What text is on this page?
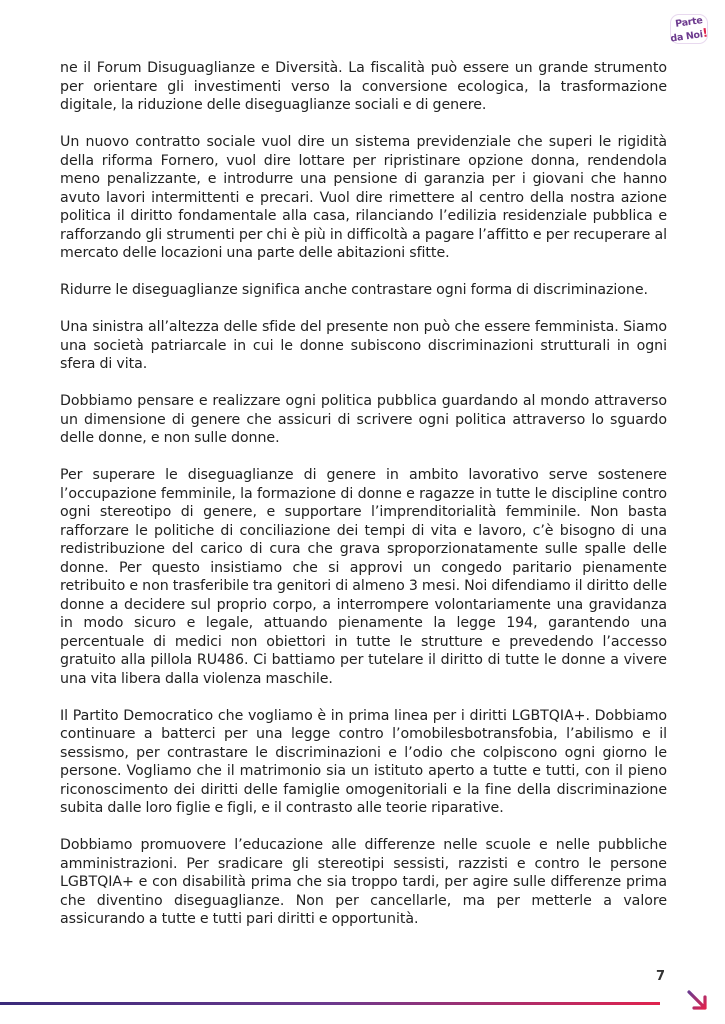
Parte
da Noi!

ne il Forum Disuguaglianze e Diversità. La fiscalità può essere un grande strumento per orientare gli investimenti verso la conversione ecologica, la trasformazione digitale, la riduzione delle diseguaglianze sociali e di genere.

Un nuovo contratto sociale vuol dire un sistema previdenziale che superi le rigidità della riforma Fornero, vuol dire lottare per ripristinare opzione donna, rendendola meno penalizzante, e introdurre una pensione di garanzia per i giovani che hanno avuto lavori intermittenti e precari. Vuol dire rimettere al centro della nostra azione politica il diritto fondamentale alla casa, rilanciando l’edilizia residenziale pubblica e rafforzando gli strumenti per chi è più in difficoltà a pagare l’affitto e per recuperare al mercato delle locazioni una parte delle abitazioni sfitte.

Ridurre le diseguaglianze significa anche contrastare ogni forma di discriminazione.

Una sinistra all’altezza delle sfide del presente non può che essere femminista. Siamo una società patriarcale in cui le donne subiscono discriminazioni strutturali in ogni sfera di vita.

Dobbiamo pensare e realizzare ogni politica pubblica guardando al mondo attraverso un dimensione di genere che assicuri di scrivere ogni politica attraverso lo sguardo delle donne, e non sulle donne.

Per superare le diseguaglianze di genere in ambito lavorativo serve sostenere l’occupazione femminile, la formazione di donne e ragazze in tutte le discipline contro ogni stereotipo di genere, e supportare l’imprenditorialità femminile. Non basta rafforzare le politiche di conciliazione dei tempi di vita e lavoro, c’è bisogno di una redistribuzione del carico di cura che grava sproporzionatamente sulle spalle delle donne. Per questo insistiamo che si approvi un congedo paritario pienamente retribuito e non trasferibile tra genitori di almeno 3 mesi. Noi difendiamo il diritto delle donne a decidere sul proprio corpo, a interrompere volontariamente una gravidanza in modo sicuro e legale, attuando pienamente la legge 194, garantendo una percentuale di medici non obiettori in tutte le strutture e prevedendo l’accesso gratuito alla pillola RU486. Ci battiamo per tutelare il diritto di tutte le donne a vivere una vita libera dalla violenza maschile.

Il Partito Democratico che vogliamo è in prima linea per i diritti LGBTQIA+. Dobbiamo continuare a batterci per una legge contro l’omobilesbotransfobia, l’abilismo e il sessismo, per contrastare le discriminazioni e l’odio che colpiscono ogni giorno le persone. Vogliamo che il matrimonio sia un istituto aperto a tutte e tutti, con il pieno riconoscimento dei diritti delle famiglie omogenitoriali e la fine della discriminazione subita dalle loro figlie e figli, e il contrasto alle teorie riparative.

Dobbiamo promuovere l’educazione alle differenze nelle scuole e nelle pubbliche amministrazioni. Per sradicare gli stereotipi sessisti, razzisti e contro le persone LGBTQIA+ e con disabilità prima che sia troppo tardi, per agire sulle differenze prima che diventino diseguaglianze. Non per cancellarle, ma per metterle a valore assicurando a tutte e tutti pari diritti e opportunità.

7
